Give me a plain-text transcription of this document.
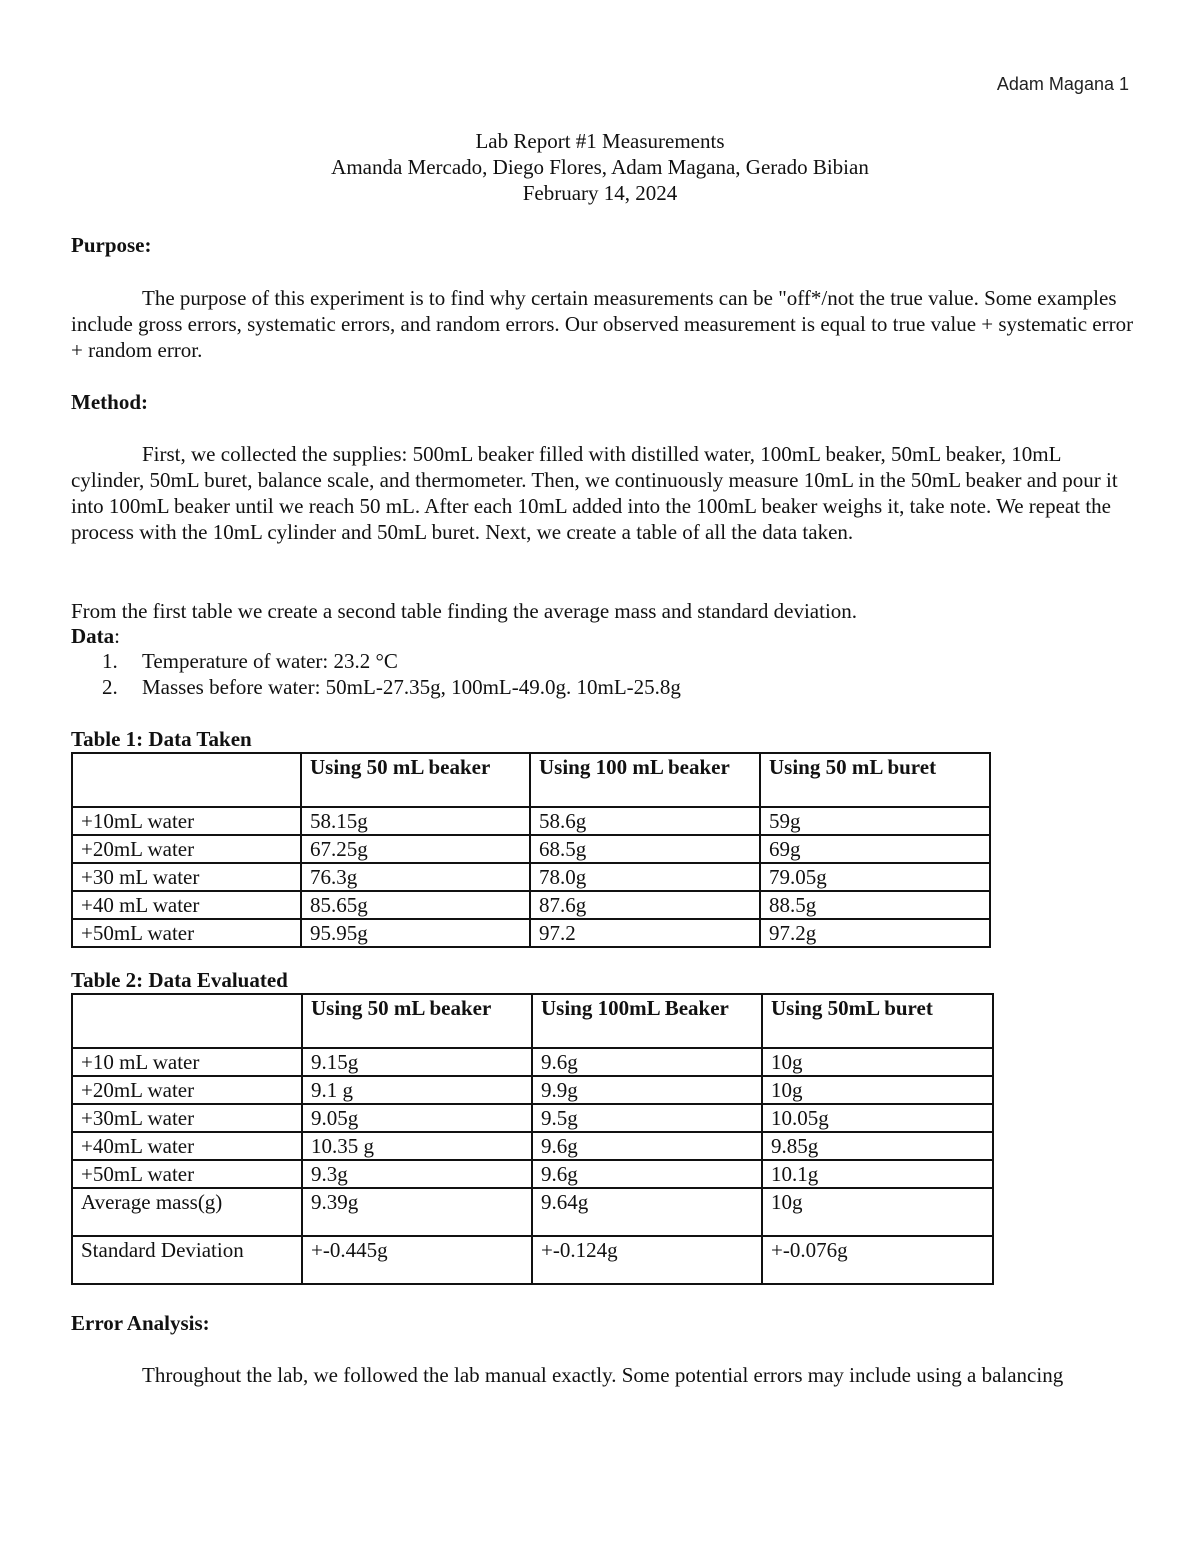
Adam Magana 1
Lab Report #1 Measurements
Amanda Mercado, Diego Flores, Adam Magana, Gerado Bibian
February 14, 2024
Purpose:
The purpose of this experiment is to find why certain measurements can be "off*/not the true value. Some examples include gross errors, systematic errors, and random errors. Our observed measurement is equal to true value + systematic error + random error.
Method:
First, we collected the supplies: 500mL beaker filled with distilled water, 100mL beaker, 50mL beaker, 10mL cylinder, 50mL buret, balance scale, and thermometer. Then, we continuously measure 10mL in the 50mL beaker and pour it into 100mL beaker until we reach 50 mL. After each 10mL added into the 100mL beaker weighs it, take note. We repeat the process with the 10mL cylinder and 50mL buret. Next, we create a table of all the data taken.
From the first table we create a second table finding the average mass and standard deviation.
Data:
1.	Temperature of water: 23.2 °C
2.	Masses before water: 50mL-27.35g, 100mL-49.0g. 10mL-25.8g
Table 1: Data Taken
	Using 50 mL beaker	Using 100 mL beaker	Using 50 mL buret
+10mL water	58.15g	58.6g	59g
+20mL water	67.25g	68.5g	69g
+30 mL water	76.3g	78.0g	79.05g
+40 mL water	85.65g	87.6g	88.5g
+50mL water	95.95g	97.2	97.2g
Table 2: Data Evaluated
	Using 50 mL beaker	Using 100mL Beaker	Using 50mL buret
+10 mL water	9.15g	9.6g	10g
+20mL water	9.1 g	9.9g	10g
+30mL water	9.05g	9.5g	10.05g
+40mL water	10.35 g	9.6g	9.85g
+50mL water	9.3g	9.6g	10.1g
Average mass(g)	9.39g	9.64g	10g
Standard Deviation	+-0.445g	+-0.124g	+-0.076g
Error Analysis:
Throughout the lab, we followed the lab manual exactly. Some potential errors may include using a balancing
